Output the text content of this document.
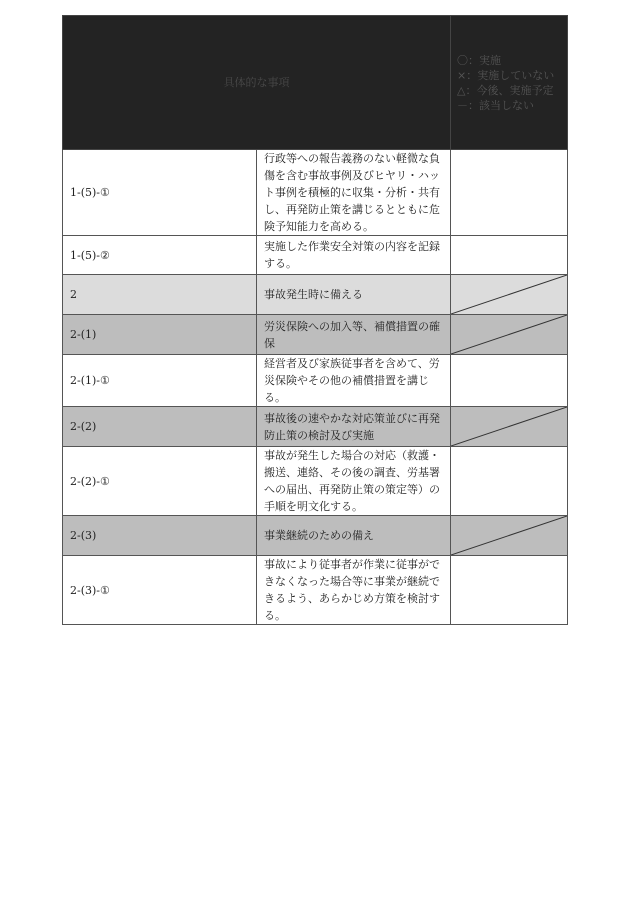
具体的な事項		〇：実施
×：実施していない
△：今後、実施予定
－：該当しない

1-(5)-①	行政等への報告義務のない軽微な負傷を含む事故事例及びヒヤリ・ハット事例を積極的に収集・分析・共有し、再発防止策を講じるとともに危険予知能力を高める。	
1-(5)-②	実施した作業安全対策の内容を記録する。	
2	事故発生時に備える	

2-(1)	労災保険への加入等、補償措置の確保	

2-(1)-①	経営者及び家族従事者を含めて、労災保険やその他の補償措置を講じる。	
2-(2)	事故後の速やかな対応策並びに再発防止策の検討及び実施	

2-(2)-①	事故が発生した場合の対応（救護・搬送、連絡、その後の調査、労基署への届出、再発防止策の策定等）の手順を明文化する。	
2-(3)	事業継続のための備え	

2-(3)-①	事故により従事者が作業に従事ができなくなった場合等に事業が継続できるよう、あらかじめ方策を検討する。	
